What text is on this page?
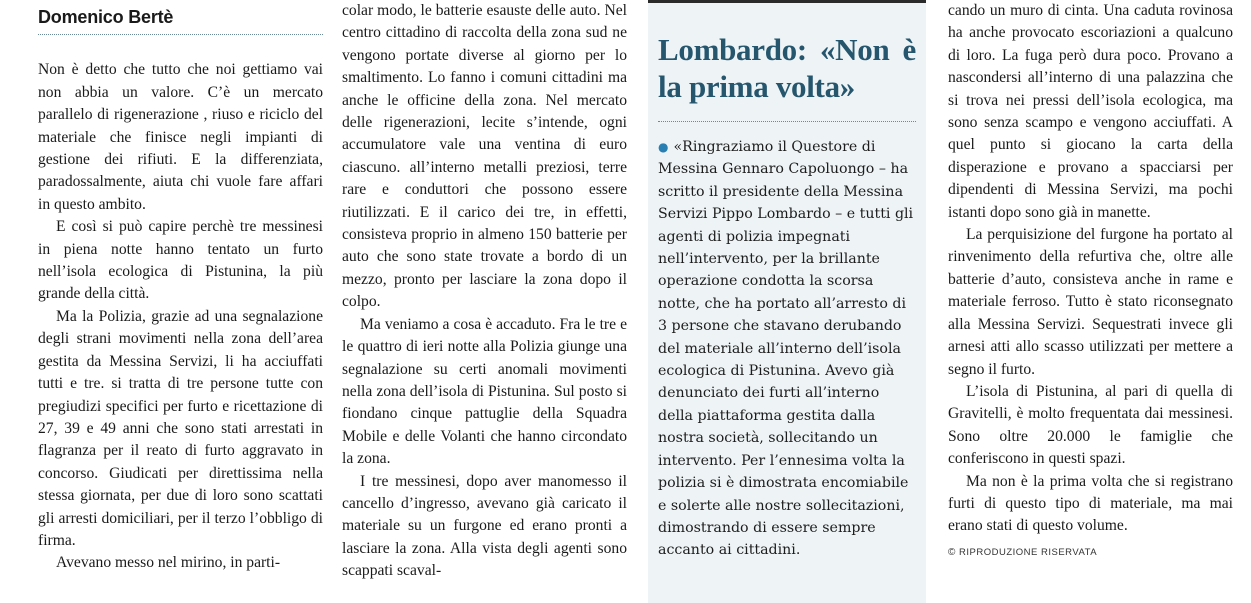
Domenico Bertè

Non è detto che tutto che noi gettiamo vai non abbia un valore. C’è un mercato parallelo di rigenerazione , riuso e riciclo del materiale che finisce negli impianti di gestione dei rifiuti. E la differenziata, paradossalmente, aiuta chi vuole fare affari in questo ambito.

E così si può capire perchè tre messinesi in piena notte hanno tentato un furto nell’isola ecologica di Pistunina, la più grande della città.

Ma la Polizia, grazie ad una segnalazione degli strani movimenti nella zona dell’area gestita da Messina Servizi, li ha acciuffati tutti e tre. si tratta di tre persone tutte con pregiudizi specifici per furto e ricettazione di 27, 39 e 49 anni che sono stati arrestati in flagranza per il reato di furto aggravato in concorso. Giudicati per direttissima nella stessa giornata, per due di loro sono scattati gli arresti domiciliari, per il terzo l’obbligo di firma.

Avevano messo nel mirino, in parti-

colar modo, le batterie esauste delle auto. Nel centro cittadino di raccolta della zona sud ne vengono portate diverse al giorno per lo smaltimento. Lo fanno i comuni cittadini ma anche le officine della zona. Nel mercato delle rigenerazioni, lecite s’intende, ogni accumulatore vale una ventina di euro ciascuno. all’interno metalli preziosi, terre rare e conduttori che possono essere riutilizzati. E il carico dei tre, in effetti, consisteva proprio in almeno 150 batterie per auto che sono state trovate a bordo di un mezzo, pronto per lasciare la zona dopo il colpo.

Ma veniamo a cosa è accaduto. Fra le tre e le quattro di ieri notte alla Polizia giunge una segnalazione su certi anomali movimenti nella zona dell’isola di Pistunina. Sul posto si fiondano cinque pattuglie della Squadra Mobile e delle Volanti che hanno circondato la zona.

I tre messinesi, dopo aver manomesso il cancello d’ingresso, avevano già caricato il materiale su un furgone ed erano pronti a lasciare la zona. Alla vista degli agenti sono scappati scaval-

Lombardo: «Non è la prima volta»
● «Ringraziamo il Questore di Messina Gennaro Capoluongo – ha scritto il presidente della Messina Servizi Pippo Lombardo – e tutti gli agenti di polizia impegnati nell’intervento, per la brillante operazione condotta la scorsa notte, che ha portato all’arresto di 3 persone che stavano derubando del materiale all’interno dell’isola ecologica di Pistunina. Avevo già denunciato dei furti all’interno della piattaforma gestita dalla nostra società, sollecitando un intervento. Per l’ennesima volta la polizia si è dimostrata encomiabile e solerte alle nostre sollecitazioni, dimostrando di essere sempre accanto ai cittadini.

cando un muro di cinta. Una caduta rovinosa ha anche provocato escoriazioni a qualcuno di loro. La fuga però dura poco. Provano a nascondersi all’interno di una palazzina che si trova nei pressi dell’isola ecologica, ma sono senza scampo e vengono acciuffati. A quel punto si giocano la carta della disperazione e provano a spacciarsi per dipendenti di Messina Servizi, ma pochi istanti dopo sono già in manette.

La perquisizione del furgone ha portato al rinvenimento della refurtiva che, oltre alle batterie d’auto, consisteva anche in rame e materiale ferroso. Tutto è stato riconsegnato alla Messina Servizi. Sequestrati invece gli arnesi atti allo scasso utilizzati per mettere a segno il furto.

L’isola di Pistunina, al pari di quella di Gravitelli, è molto frequentata dai messinesi. Sono oltre 20.000 le famiglie che conferiscono in questi spazi.

Ma non è la prima volta che si registrano furti di questo tipo di materiale, ma mai erano stati di questo volume.

© RIPRODUZIONE RISERVATA
